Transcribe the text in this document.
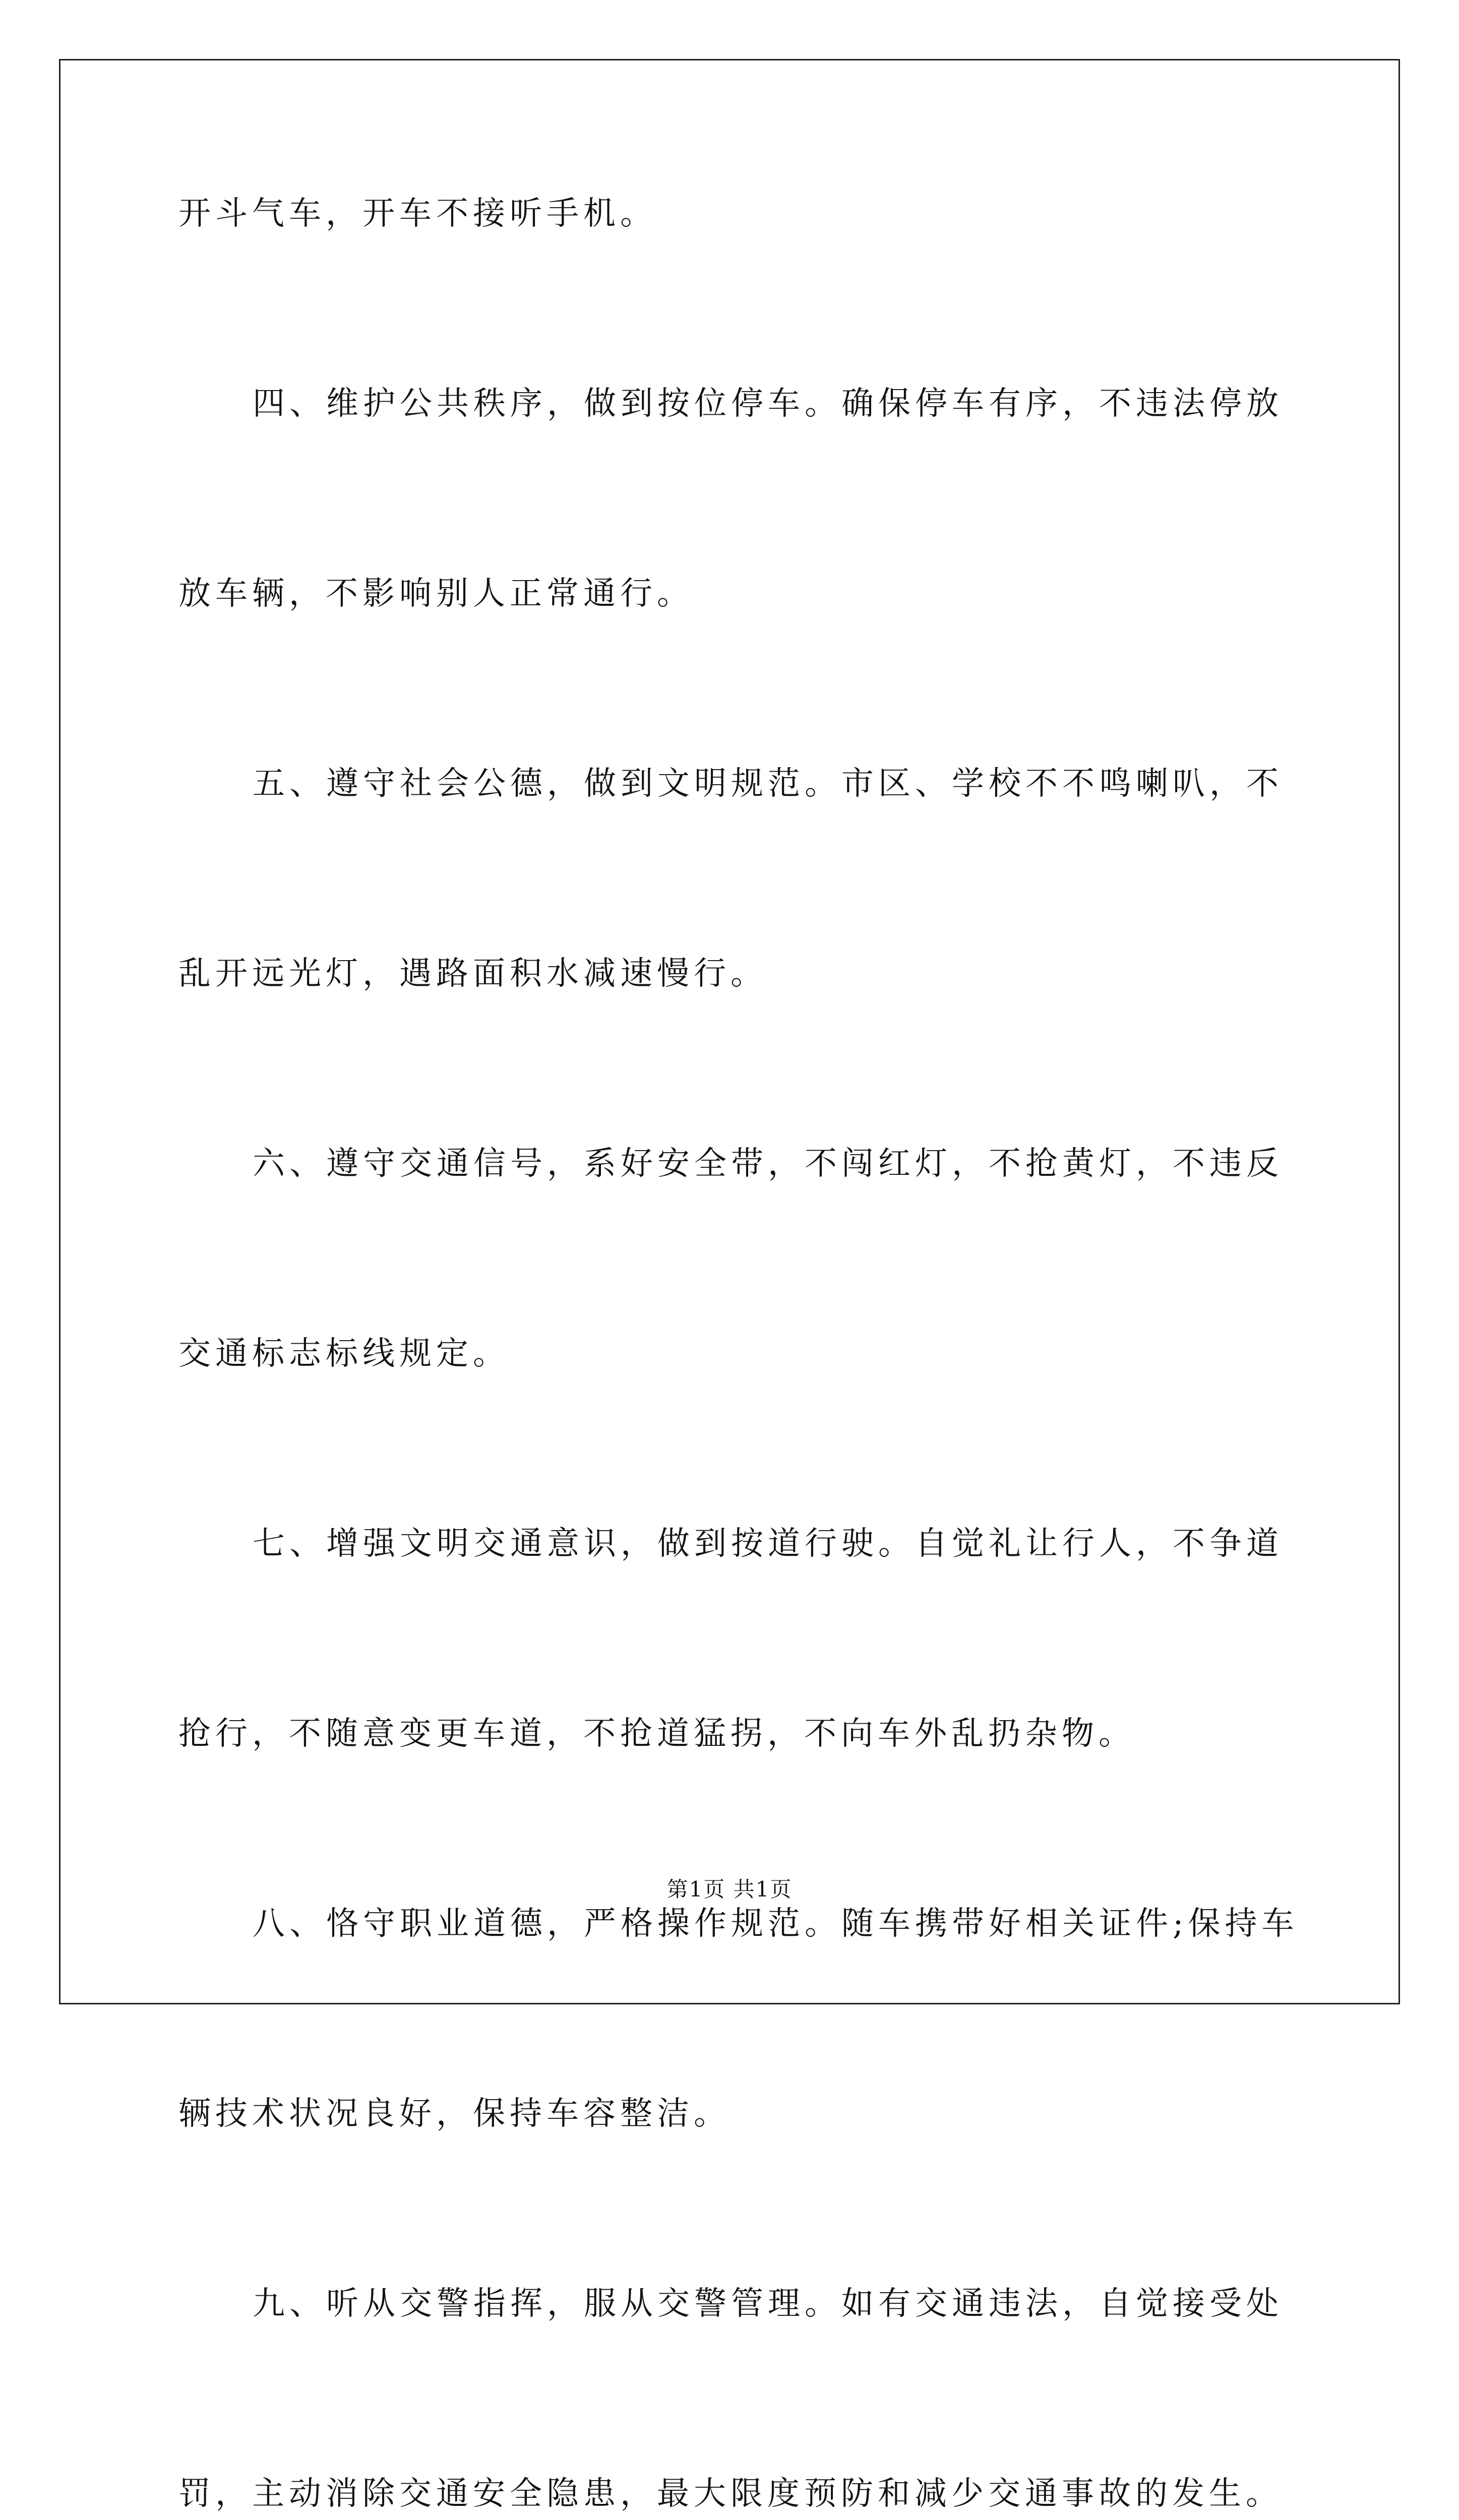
开斗气车，开车不接听手机。
四、维护公共秩序，做到按位停车。确保停车有序，不违法停放
放车辆，不影响别人正常通行。
五、遵守社会公德，做到文明规范。市区、学校不不鸣喇叭，不
乱开远光灯，遇路面积水减速慢行。
六、遵守交通信号，系好安全带，不闯红灯，不抢黄灯，不违反
交通标志标线规定。
七、增强文明交通意识，做到按道行驶。自觉礼让行人，不争道
抢行，不随意变更车道，不抢道猛拐，不向车外乱扔杂物。
八、恪守职业道德，严格操作规范。随车携带好相关证件;保持车
辆技术状况良好，保持车容整洁。
九、听从交警指挥，服从交警管理。如有交通违法，自觉接受处
罚，主动消除交通安全隐患，最大限度预防和减少交通事故的发生。
第1页 共1页
